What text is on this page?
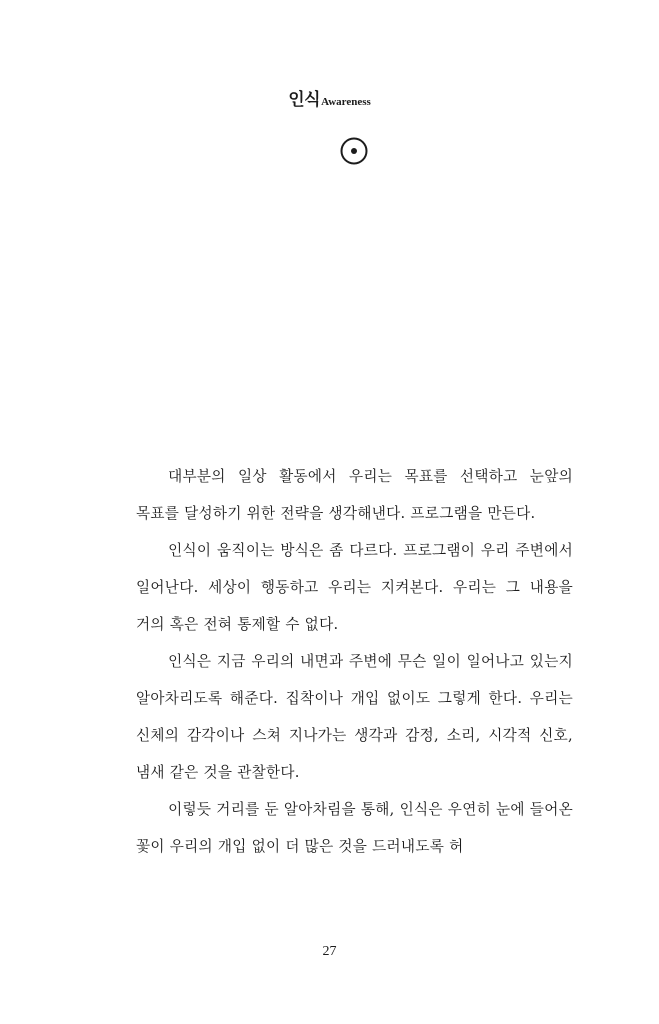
인식Awareness

대부분의 일상 활동에서 우리는 목표를 선택하고 눈앞의 목표를 달성하기 위한 전략을 생각해낸다. 프로그램을 만든다.

인식이 움직이는 방식은 좀 다르다. 프로그램이 우리 주변에서 일어난다. 세상이 행동하고 우리는 지켜본다. 우리는 그 내용을 거의 혹은 전혀 통제할 수 없다.

인식은 지금 우리의 내면과 주변에 무슨 일이 일어나고 있는지 알아차리도록 해준다. 집착이나 개입 없이도 그렇게 한다. 우리는 신체의 감각이나 스쳐 지나가는 생각과 감정, 소리, 시각적 신호, 냄새 같은 것을 관찰한다.

이렇듯 거리를 둔 알아차림을 통해, 인식은 우연히 눈에 들어온 꽃이 우리의 개입 없이 더 많은 것을 드러내도록 허

27
